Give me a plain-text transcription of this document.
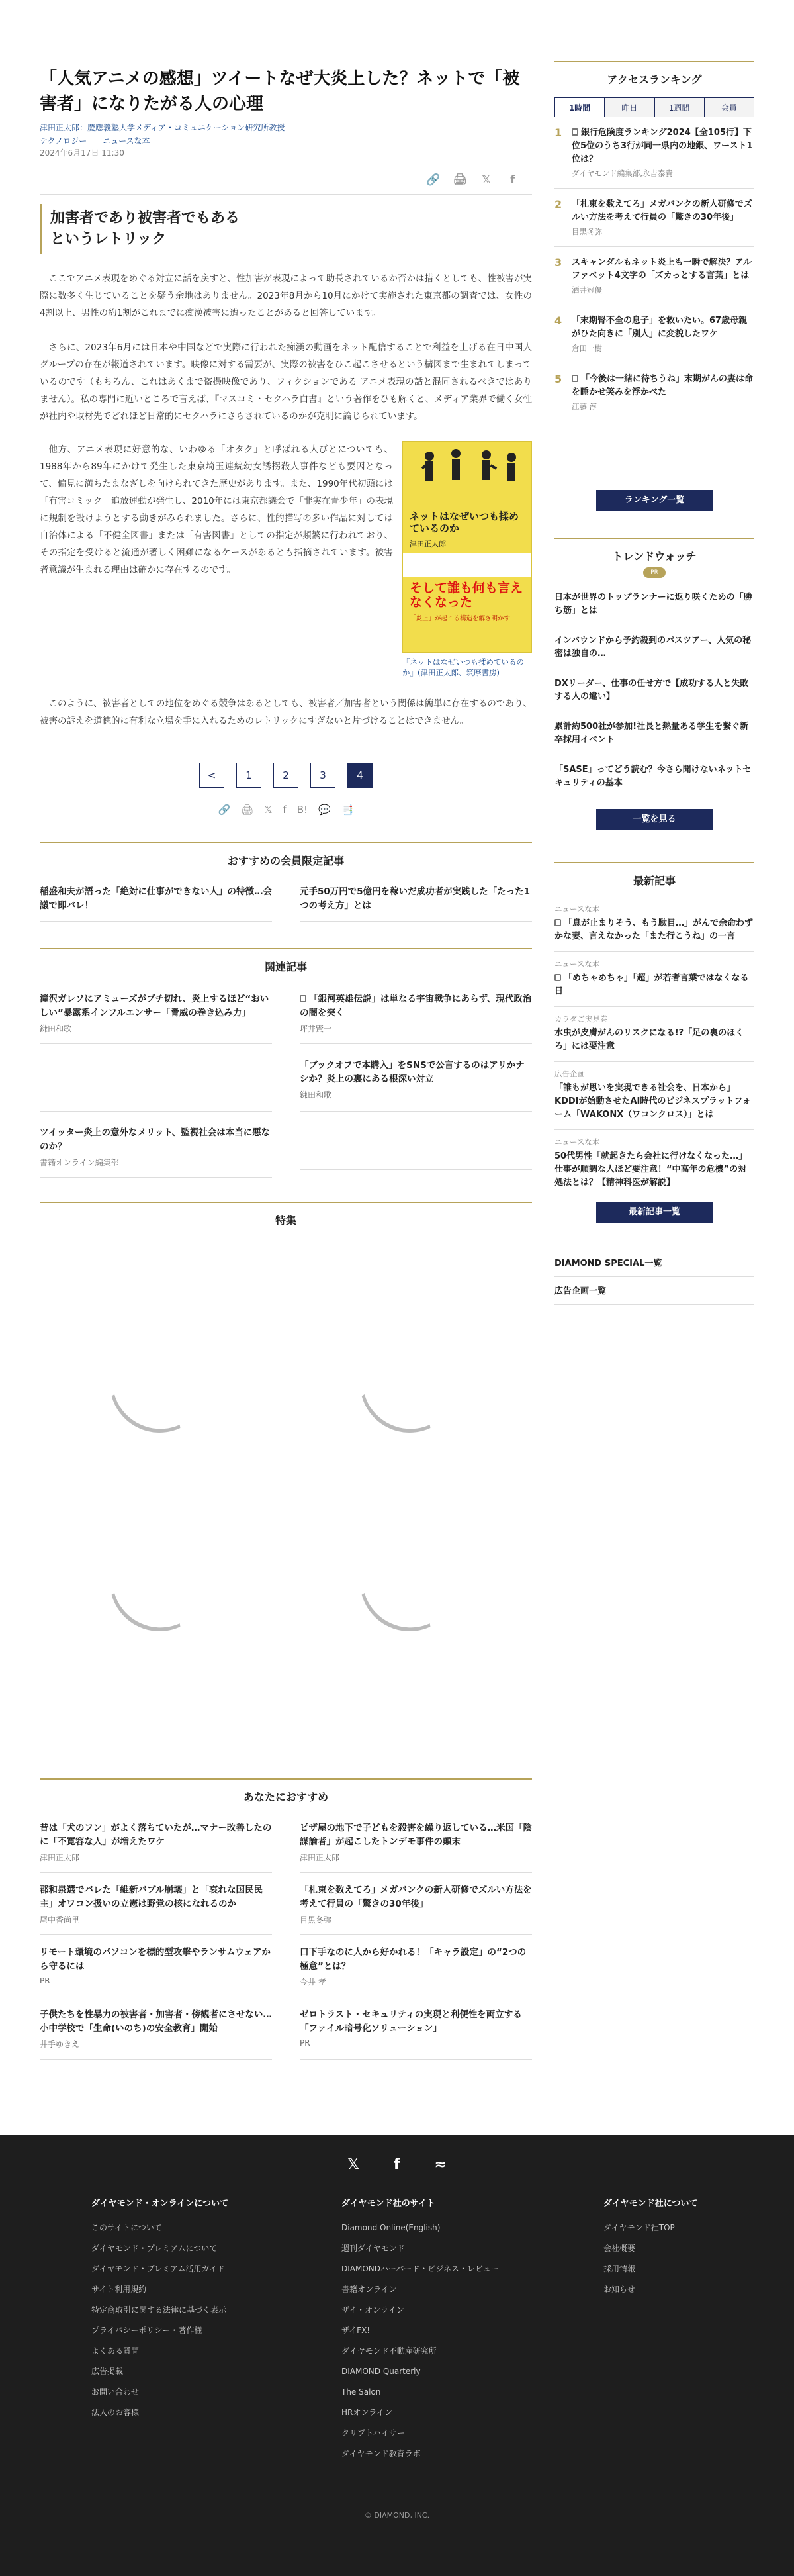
「人気アニメの感想」ツイートなぜ大炎上した？ネットで「被害者」になりたがる人の心理
津田正太郎：慶應義塾大学メディア・コミュニケーション研究所教授
テクノロジー ニュースな本
2024年6月17日 11:30
🔗 🖨 𝕏	f
加害者であり被害者でもある
というレトリック

ここでアニメ表現をめぐる対立に話を戻すと、性加害が表現によって助長されているか否かは措くとしても、性被害が実際に数多く生じていることを疑う余地はありません。2023年8月から10月にかけて実施された東京都の調査では、女性の4割以上、男性の約1割がこれまでに痴漢被害に遭ったことがあると回答しています。

さらに、2023年6月には日本や中国などで実際に行われた痴漢の動画をネット配信することで利益を上げる在日中国人グループの存在が報道されています。映像に対する需要が、実際の被害をひこ起こさせるという構図まで生まれてしまっているのです（もちろん、これはあくまで盗撮映像であり、フィクションである アニメ表現の話と混同されるべきではありません）。私の専門に近いところで言えば、『マスコミ・セクハラ白書』という著作をひも解くと、メディア業界で働く女性が社内や取材先でどれほど日常的にセクハラにさらされているのかが克明に論じられています。

他方、アニメ表現に好意的な、いわゆる「オタク」と呼ばれる人びとについても、1988年から89年にかけて発生した東京埼玉連続幼女誘拐殺人事件なども要因となって、偏見に満ちたまなざしを向けられてきた歴史があります。また、1990年代初頭には「有害コミック」追放運動が発生し、2010年には東京都議会で「非実在青少年」の表現に規制を設けようとする動きがみられました。さらに、性的描写の多い作品に対しては自治体による「不健全図書」または「有害図書」としての指定が頻繁に行われており、その指定を受けると流通が著しく困難になるケースがあるとも指摘されています。被害者意識が生まれる理由は確かに存在するのです。

ネットはなぜいつも揉めているのか
津田正太郎
そして誰も何も言えなくなった
「炎上」が起こる構造を解き明かす
『ネットはなぜいつも揉めているのか』(津田正太郎、筑摩書房)

このように、被害者としての地位をめぐる競争はあるとしても、被害者／加害者という関係は簡単に存在するのであり、被害の訴えを道徳的に有利な立場を手に入れるためのレトリックにすぎないと片づけることはできません。

<	1	2	3	4
🔗 🖨 𝕏 f B! 💬 📑
おすすめの会員限定記事
稲盛和夫が語った「絶対に仕事ができない人」の特徴…会議で即バレ！
元手50万円で5億円を稼いだ成功者が実践した「たった1つの考え方」とは
関連記事
滝沢ガレソにアミューズがブチ切れ、炎上するほど“おいしい”暴露系インフルエンサー「脅威の巻き込み力」
鎌田和歌
「銀河英雄伝説」は単なる宇宙戦争にあらず、現代政治の闇を突く
坪井賢一
「ブックオフで本購入」をSNSで公言するのはアリかナシか？炎上の裏にある根深い対立
鎌田和歌
ツイッター炎上の意外なメリット、監視社会は本当に悪なのか？
書籍オンライン編集部
特集
あなたにおすすめ
昔は「犬のフン」がよく落ちていたが…マナー改善したのに「不寛容な人」が増えたワケ
津田正太郎
ピザ屋の地下で子どもを殺害を繰り返している…米国「陰謀論者」が起こしたトンデモ事件の顛末
津田正太郎
郡和泉選でバレた「維新バブル崩壊」と「哀れな国民民主」オワコン扱いの立憲は野党の核になれるのか
尾中香尚里
「札束を数えてろ」メガバンクの新人研修でズルい方法を考えて行員の「驚きの30年後」
目黒冬弥
リモート環境のパソコンを標的型攻撃やランサムウェアから守るには
PR
口下手なのに人から好かれる！「キャラ設定」の“2つの極意”とは？
今井 孝
子供たちを性暴力の被害者・加害者・傍観者にさせない…小中学校で「生命(いのち)の安全教育」開始
井手ゆきえ
ゼロトラスト・セキュリティの実現と利便性を両立する「ファイル暗号化ソリューション」
PR
アクセスランキング
1時間	昨日	1週間	会員
1	銀行危険度ランキング2024【全105行】下位5位のうち3行が同一県内の地銀、ワースト1位は？
ダイヤモンド編集部,永吉泰貴
2 「札束を数えてろ」メガバンクの新人研修でズルい方法を考えて行員の「驚きの30年後」
目黒冬弥
3 スキャンダルもネット炎上も一瞬で解決？アルファベット4文字の「ズカっとする言葉」とは
酒井冠優
4 「末期腎不全の息子」を救いたい。67歳母親がひた向きに「別人」に変貌したワケ
倉田一樹
5	「今後は一緒に待ちうね」末期がんの妻は命を睡かせ笑みを浮かべた
江藤 淳
ランキング一覧
トレンドウォッチ
PR
日本が世界のトップランナーに返り咲くための「勝ち筋」とは
インバウンドから予約殺到のパスツアー、人気の秘密は独自の…
DXリーダー、仕事の任せ方で【成功する人と失敗する人の違い】
累計約500社が参加!社長と熱量ある学生を繋ぐ新卒採用イベント
「SASE」ってどう読む？今さら聞けないネットセキュリティの基本
一覧を見る
最新記事
ニュースな本
「息が止まりそう、もう駄目…」がんで余命わずかな妻、言えなかった「また行こうね」の一言
ニュースな本
「めちゃめちゃ」「超」が若者言葉ではなくなる日
カラダご実見巻
水虫が皮膚がんのリスクになる!?「足の裏のほくろ」には要注意
広告企画
「誰もが思いを実現できる社会を、日本から」KDDIが始動させたAI時代のビジネスプラットフォーム「WAKONX（ワコンクロス）」とは
ニュースな本
50代男性「就起きたら会社に行けなくなった…」仕事が順調な人ほど要注意！“中高年の危機”の対処法とは？【精神科医が解説】
最新記事一覧
DIAMOND SPECIAL一覧
広告企画一覧
𝕏 f ≈
ダイヤモンド・オンラインについて
このサイトについて
ダイヤモンド・プレミアムについて
ダイヤモンド・プレミアム活用ガイド
サイト利用規約
特定商取引に関する法律に基づく表示
プライバシーポリシー・著作権
よくある質問
広告掲載
お問い合わせ
法人のお客様
ダイヤモンド社のサイト
Diamond Online(English)
週刊ダイヤモンド
DIAMONDハーバード・ビジネス・レビュー
書籍オンライン
ザイ・オンライン
ザイFX!
ダイヤモンド不動産研究所
DIAMOND Quarterly
The Salon
HRオンライン
クリプトハイサー
ダイヤモンド教育ラボ
ダイヤモンド社について
ダイヤモンド社TOP
会社概要
採用情報
お知らせ
© DIAMOND, INC.
